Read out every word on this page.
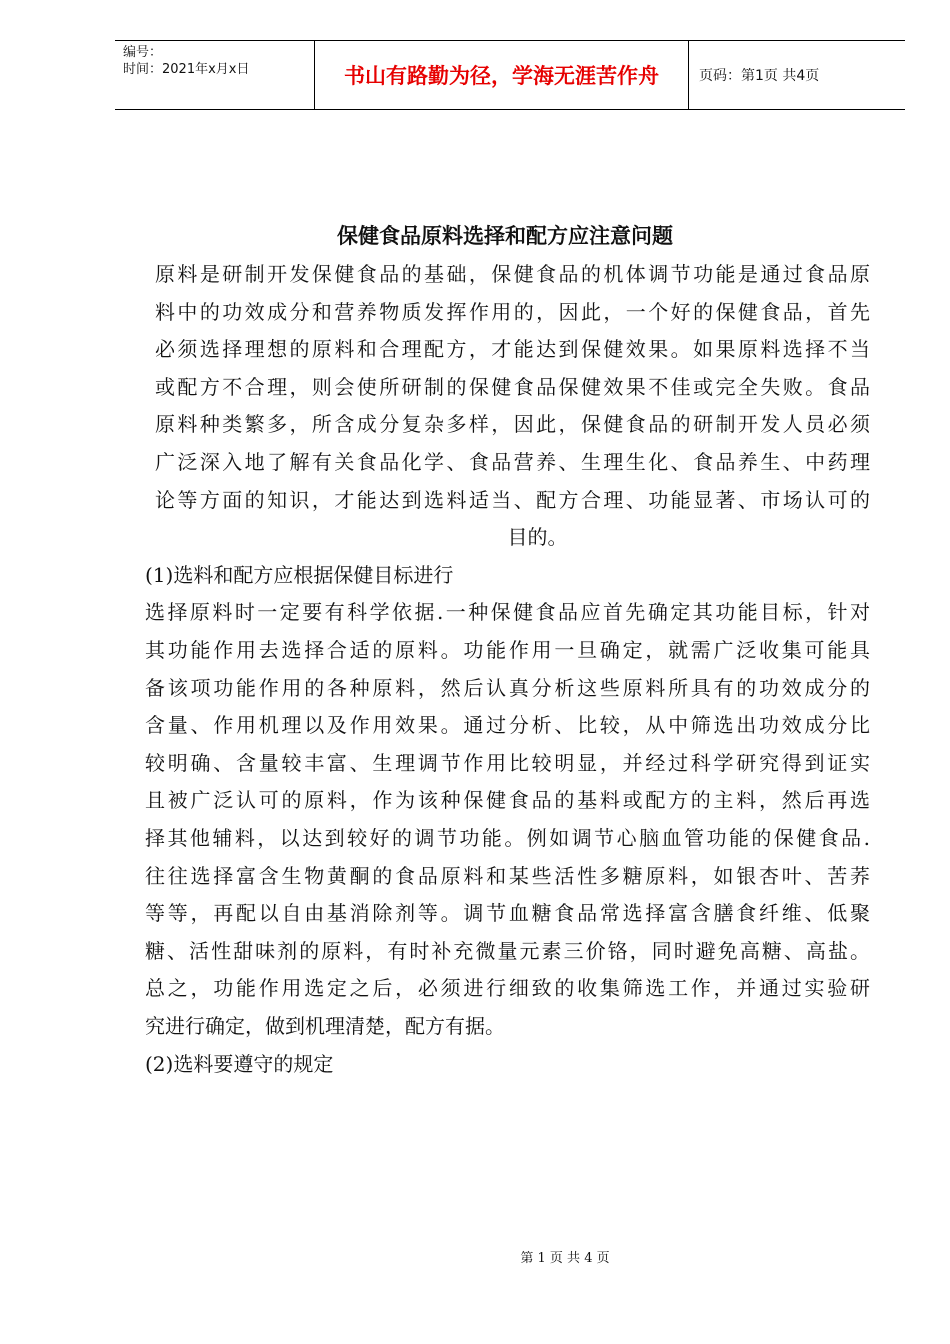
编号：
时间：2021年x月x日	书山有路勤为径，学海无涯苦作舟	页码：第1页 共4页
保健食品原料选择和配方应注意问题
原料是研制开发保健食品的基础，保健食品的机体调节功能是通过食品原
料中的功效成分和营养物质发挥作用的，因此，一个好的保健食品，首先
必须选择理想的原料和合理配方，才能达到保健效果。如果原料选择不当
或配方不合理，则会使所研制的保健食品保健效果不佳或完全失败。食品
原料种类繁多，所含成分复杂多样，因此，保健食品的研制开发人员必须
广泛深入地了解有关食品化学、食品营养、生理生化、食品养生、中药理
论等方面的知识，才能达到选料适当、配方合理、功能显著、市场认可的
目的。
(1)选料和配方应根据保健目标进行
选择原料时一定要有科学依据.一种保健食品应首先确定其功能目标，针对
其功能作用去选择合适的原料。功能作用一旦确定，就需广泛收集可能具
备该项功能作用的各种原料，然后认真分析这些原料所具有的功效成分的
含量、作用机理以及作用效果。通过分析、比较，从中筛选出功效成分比
较明确、含量较丰富、生理调节作用比较明显，并经过科学研究得到证实
且被广泛认可的原料，作为该种保健食品的基料或配方的主料，然后再选
择其他辅料，以达到较好的调节功能。例如调节心脑血管功能的保健食品.
往往选择富含生物黄酮的食品原料和某些活性多糖原料，如银杏叶、苦荞
等等，再配以自由基消除剂等。调节血糖食品常选择富含膳食纤维、低聚
糖、活性甜味剂的原料，有时补充微量元素三价铬，同时避免高糖、高盐。
总之，功能作用选定之后，必须进行细致的收集筛选工作，并通过实验研
究进行确定，做到机理清楚，配方有据。
(2)选料要遵守的规定
第 1 页 共 4 页
